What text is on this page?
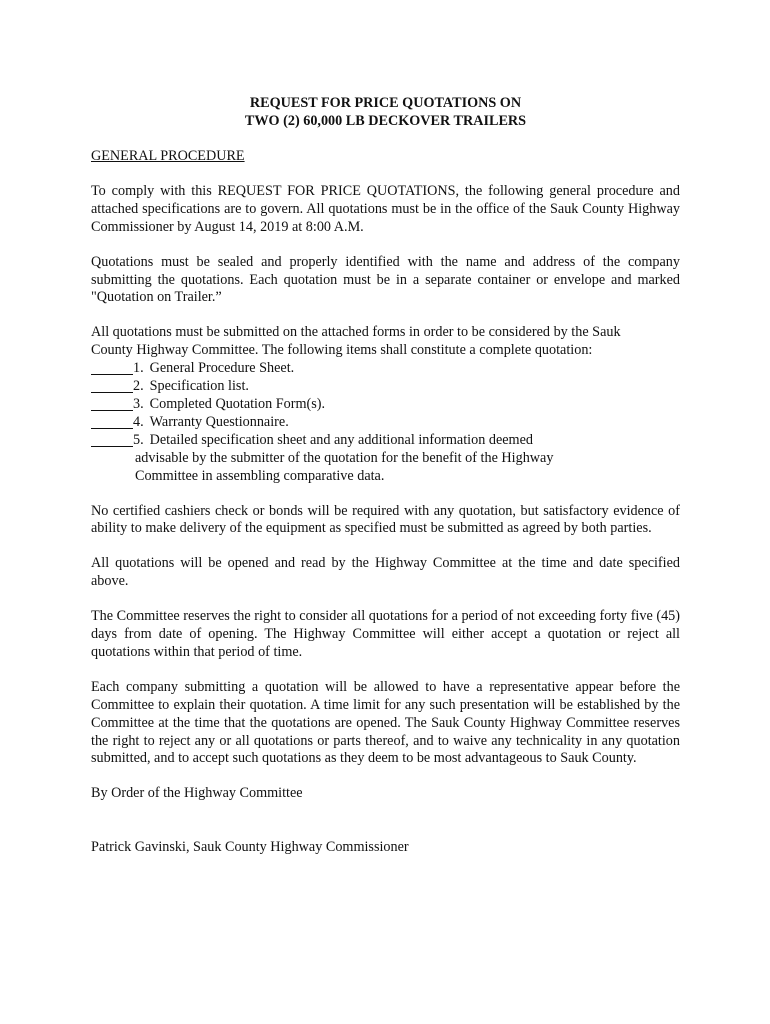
REQUEST FOR PRICE QUOTATIONS ON
TWO (2) 60,000 LB DECKOVER TRAILERS
GENERAL PROCEDURE

To comply with this REQUEST FOR PRICE QUOTATIONS, the following general procedure and attached specifications are to govern. All quotations must be in the office of the Sauk County Highway Commissioner by August 14, 2019 at 8:00 A.M.

Quotations must be sealed and properly identified with the name and address of the company submitting the quotations. Each quotation must be in a separate container or envelope and marked "Quotation on Trailer.”

All quotations must be submitted on the attached forms in order to be considered by the Sauk
County Highway Committee. The following items shall constitute a complete quotation:

1. General Procedure Sheet.
2. Specification list.
3. Completed Quotation Form(s).
4. Warranty Questionnaire.
5. Detailed specification sheet and any additional information deemed
advisable by the submitter of the quotation for the benefit of the Highway
Committee in assembling comparative data.

No certified cashiers check or bonds will be required with any quotation, but satisfactory evidence of ability to make delivery of the equipment as specified must be submitted as agreed by both parties.

All quotations will be opened and read by the Highway Committee at the time and date specified above.

The Committee reserves the right to consider all quotations for a period of not exceeding forty five (45) days from date of opening. The Highway Committee will either accept a quotation or reject all quotations within that period of time.

Each company submitting a quotation will be allowed to have a representative appear before the Committee to explain their quotation. A time limit for any such presentation will be established by the Committee at the time that the quotations are opened. The Sauk County Highway Committee reserves the right to reject any or all quotations or parts thereof, and to waive any technicality in any quotation submitted, and to accept such quotations as they deem to be most advantageous to Sauk County.

By Order of the Highway Committee

Patrick Gavinski, Sauk County Highway Commissioner
